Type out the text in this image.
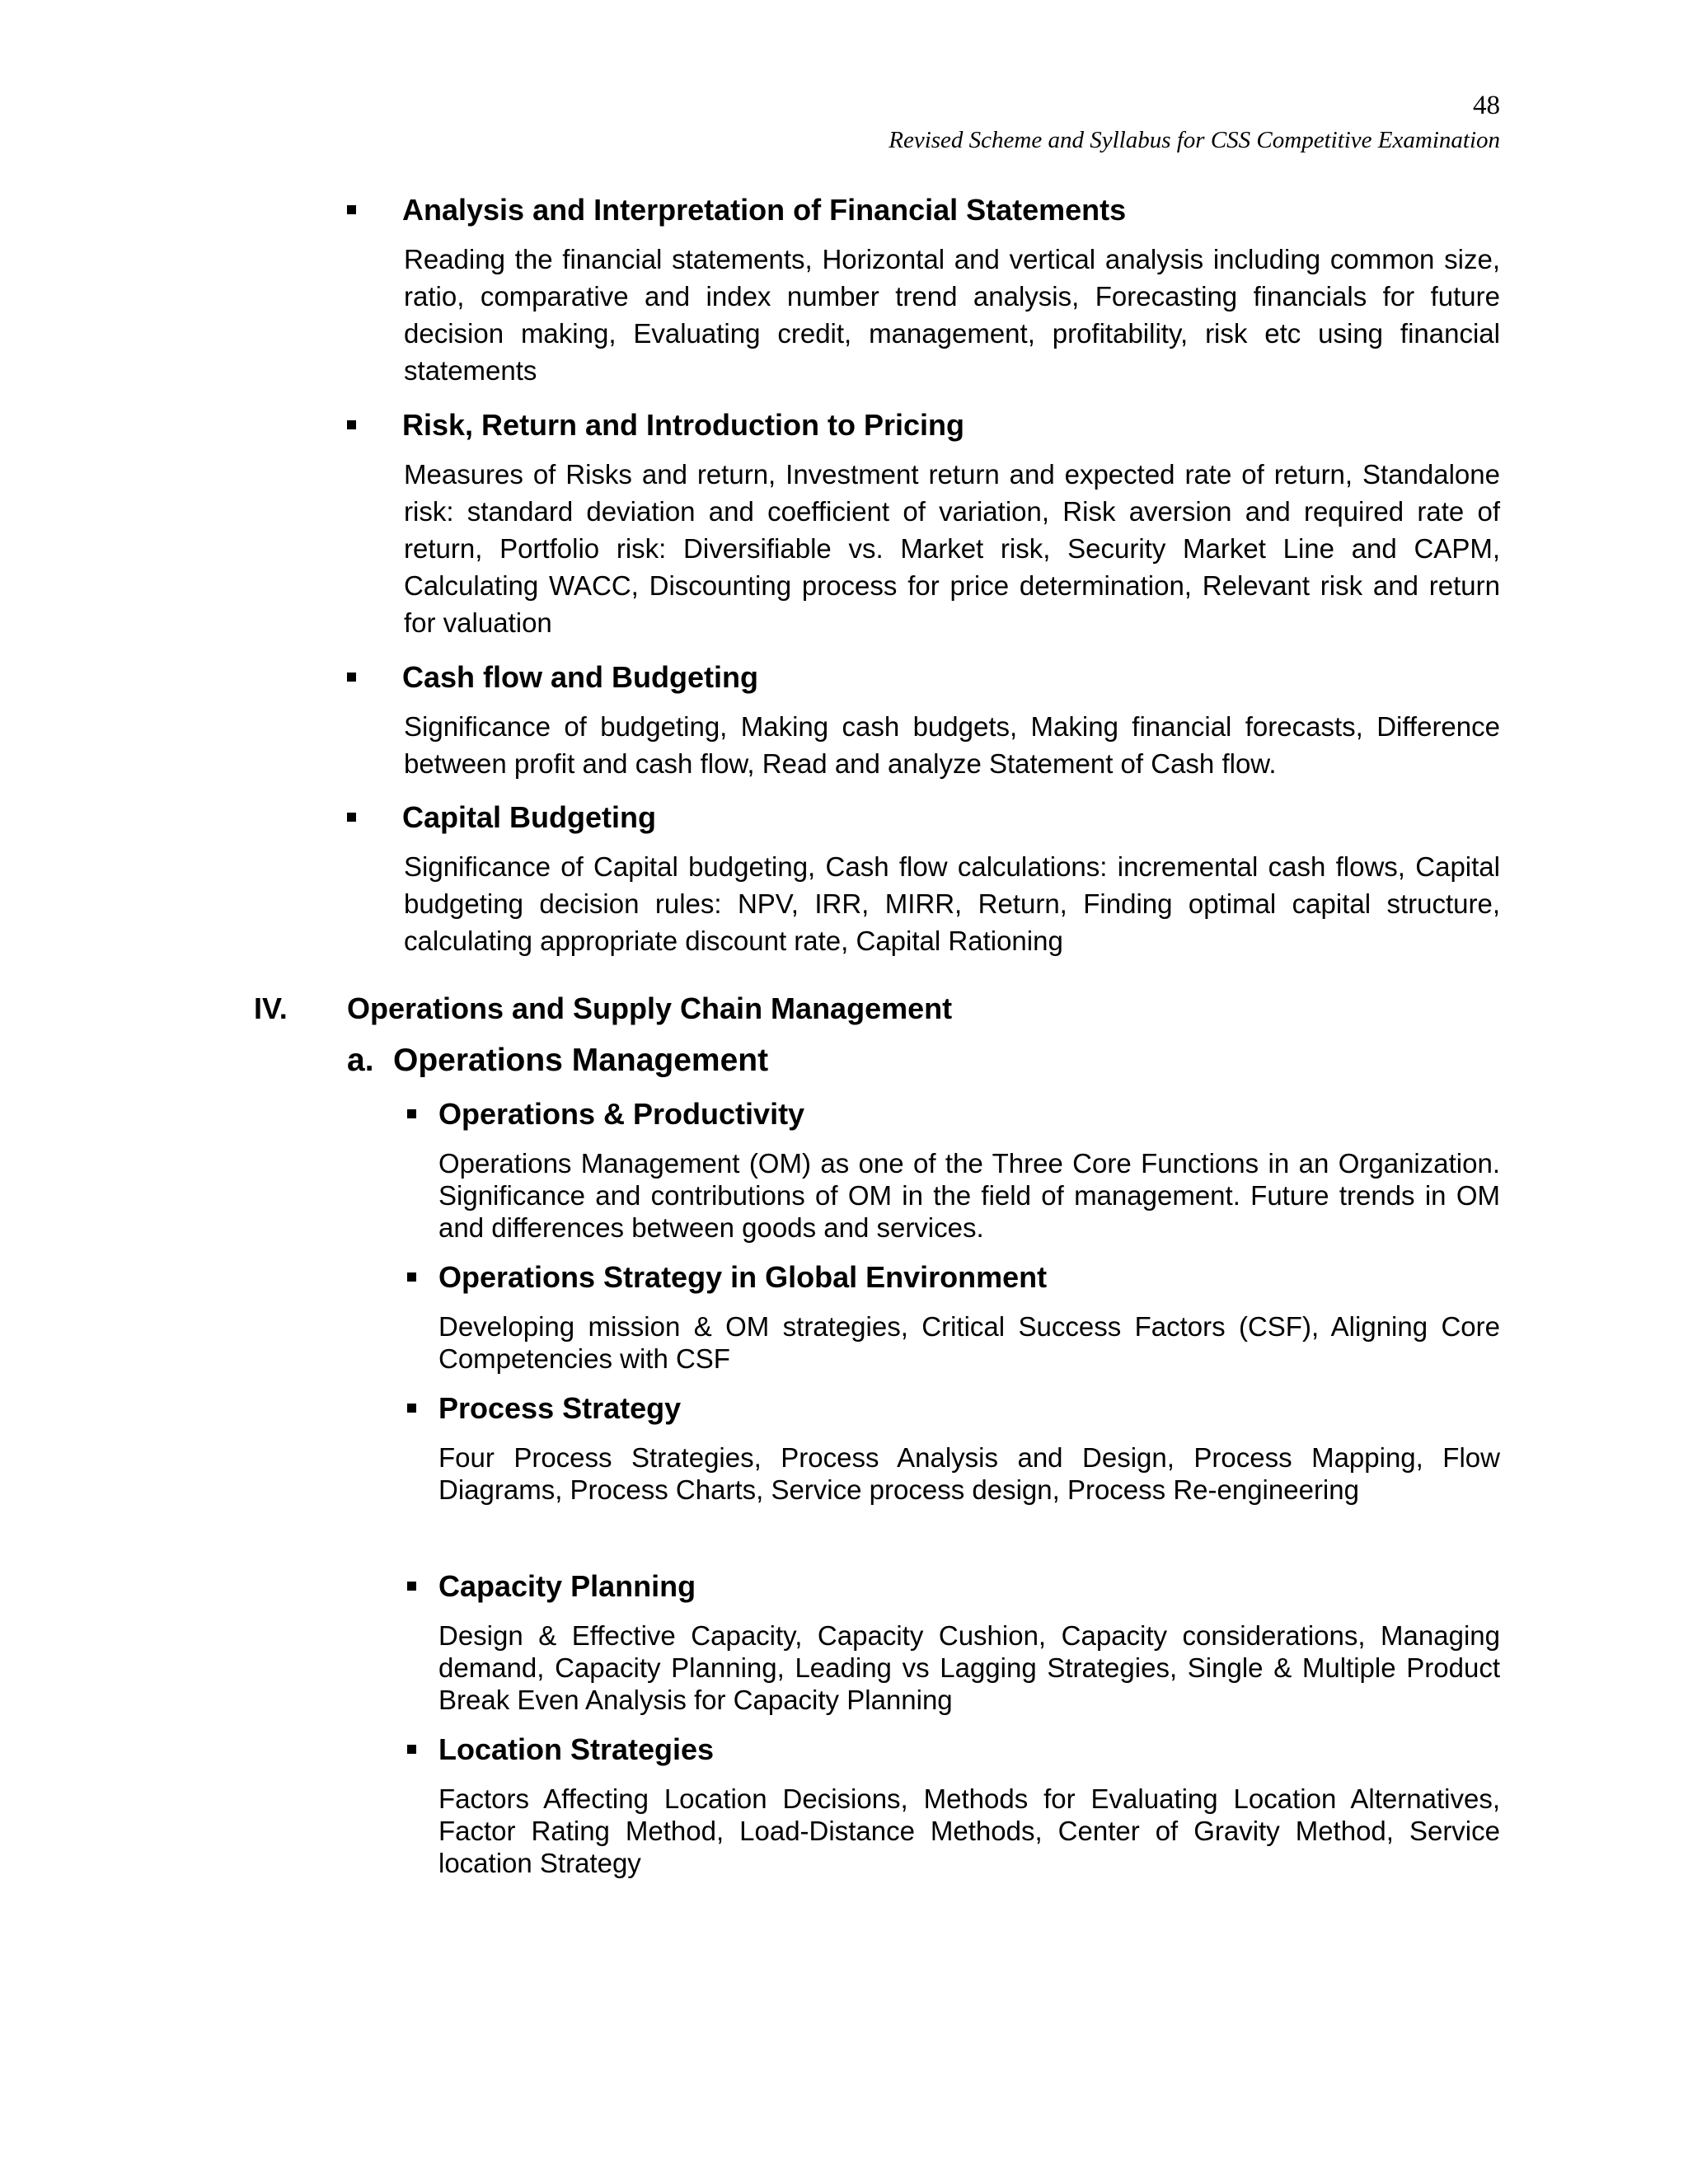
48
Revised Scheme and Syllabus for CSS Competitive Examination
Analysis and Interpretation of Financial Statements

Reading the financial statements, Horizontal and vertical analysis including common size, ratio, comparative and index number trend analysis, Forecasting financials for future decision making, Evaluating credit, management, profitability, risk etc using financial statements

Risk, Return and Introduction to Pricing

Measures of Risks and return, Investment return and expected rate of return, Standalone risk: standard deviation and coefficient of variation, Risk aversion and required rate of return, Portfolio risk: Diversifiable vs. Market risk, Security Market Line and CAPM, Calculating WACC, Discounting process for price determination, Relevant risk and return for valuation

Cash flow and Budgeting

Significance of budgeting, Making cash budgets, Making financial forecasts, Difference between profit and cash flow, Read and analyze Statement of Cash flow.

Capital Budgeting

Significance of Capital budgeting, Cash flow calculations: incremental cash flows, Capital budgeting decision rules: NPV, IRR, MIRR, Return, Finding optimal capital structure, calculating appropriate discount rate, Capital Rationing

IV. Operations and Supply Chain Management
a. Operations Management
Operations & Productivity

Operations Management (OM) as one of the Three Core Functions in an Organization. Significance and contributions of OM in the field of management. Future trends in OM and differences between goods and services.

Operations Strategy in Global Environment

Developing mission & OM strategies, Critical Success Factors (CSF), Aligning Core Competencies with CSF

Process Strategy

Four Process Strategies, Process Analysis and Design, Process Mapping, Flow Diagrams, Process Charts, Service process design, Process Re-engineering

Capacity Planning

Design & Effective Capacity, Capacity Cushion, Capacity considerations, Managing demand, Capacity Planning, Leading vs Lagging Strategies, Single & Multiple Product Break Even Analysis for Capacity Planning

Location Strategies

Factors Affecting Location Decisions, Methods for Evaluating Location Alternatives, Factor Rating Method, Load-Distance Methods, Center of Gravity Method, Service location Strategy
